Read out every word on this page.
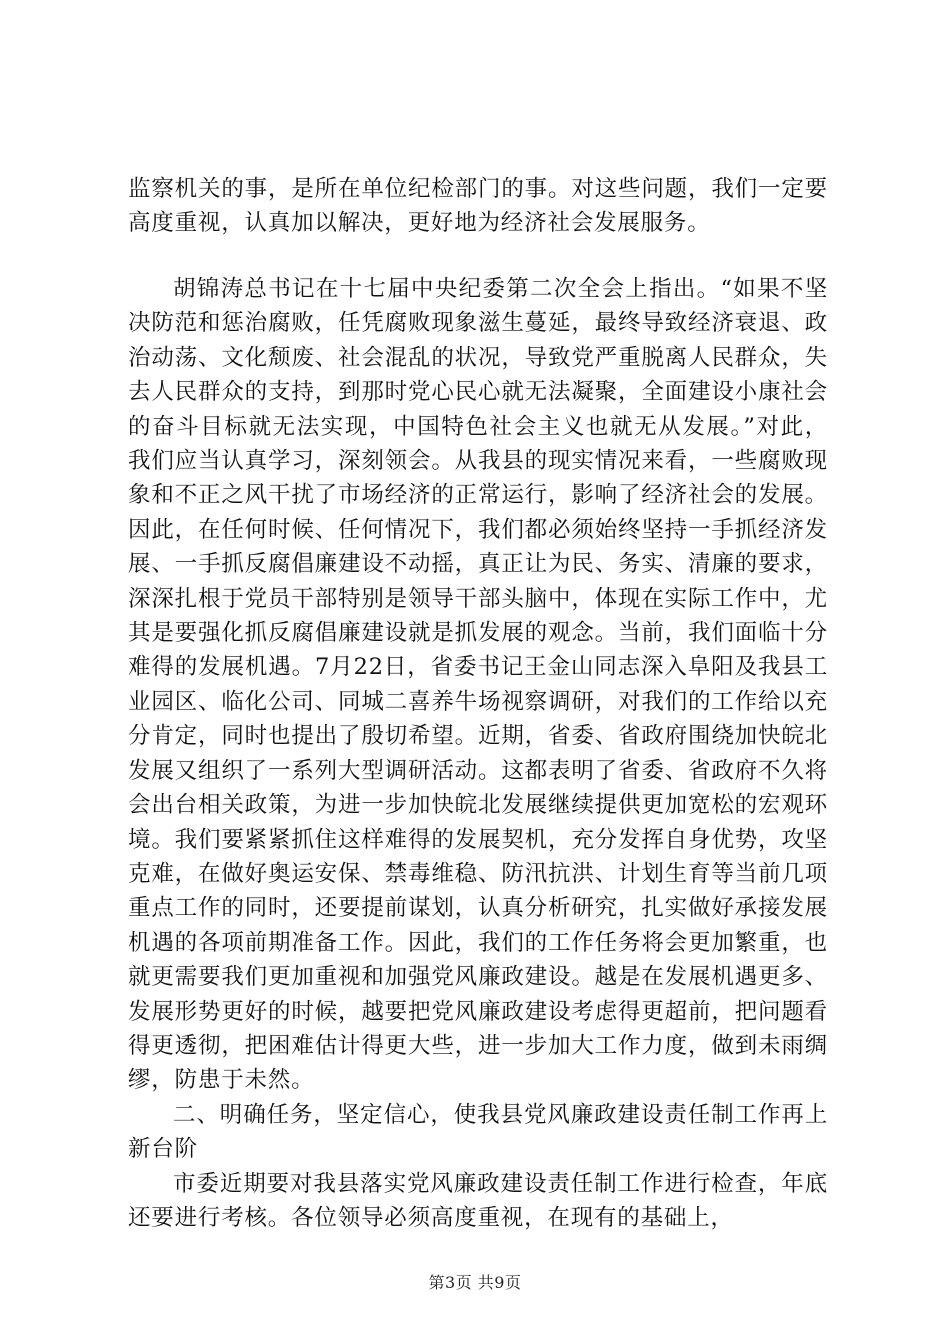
监察机关的事，是所在单位纪检部门的事。对这些问题，我们一定要高度重视，认真加以解决，更好地为经济社会发展服务。

胡锦涛总书记在十七届中央纪委第二次全会上指出。“如果不坚决防范和惩治腐败，任凭腐败现象滋生蔓延，最终导致经济衰退、政治动荡、文化颓废、社会混乱的状况，导致党严重脱离人民群众，失去人民群众的支持，到那时党心民心就无法凝聚，全面建设小康社会的奋斗目标就无法实现，中国特色社会主义也就无从发展。”对此，我们应当认真学习，深刻领会。从我县的现实情况来看，一些腐败现象和不正之风干扰了市场经济的正常运行，影响了经济社会的发展。因此，在任何时候、任何情况下，我们都必须始终坚持一手抓经济发展、一手抓反腐倡廉建设不动摇，真正让为民、务实、清廉的要求，深深扎根于党员干部特别是领导干部头脑中，体现在实际工作中，尤其是要强化抓反腐倡廉建设就是抓发展的观念。当前，我们面临十分难得的发展机遇。7月22日，省委书记王金山同志深入阜阳及我县工业园区、临化公司、同城二喜养牛场视察调研，对我们的工作给以充分肯定，同时也提出了殷切希望。近期，省委、省政府围绕加快皖北发展又组织了一系列大型调研活动。这都表明了省委、省政府不久将会出台相关政策，为进一步加快皖北发展继续提供更加宽松的宏观环境。我们要紧紧抓住这样难得的发展契机，充分发挥自身优势，攻坚克难，在做好奥运安保、禁毒维稳、防汛抗洪、计划生育等当前几项重点工作的同时，还要提前谋划，认真分析研究，扎实做好承接发展机遇的各项前期准备工作。因此，我们的工作任务将会更加繁重，也就更需要我们更加重视和加强党风廉政建设。越是在发展机遇更多、发展形势更好的时候，越要把党风廉政建设考虑得更超前，把问题看得更透彻，把困难估计得更大些，进一步加大工作力度，做到未雨绸缪，防患于未然。

二、明确任务，坚定信心，使我县党风廉政建设责任制工作再上新台阶

市委近期要对我县落实党风廉政建设责任制工作进行检查，年底还要进行考核。各位领导必须高度重视，在现有的基础上，

第3页 共9页
